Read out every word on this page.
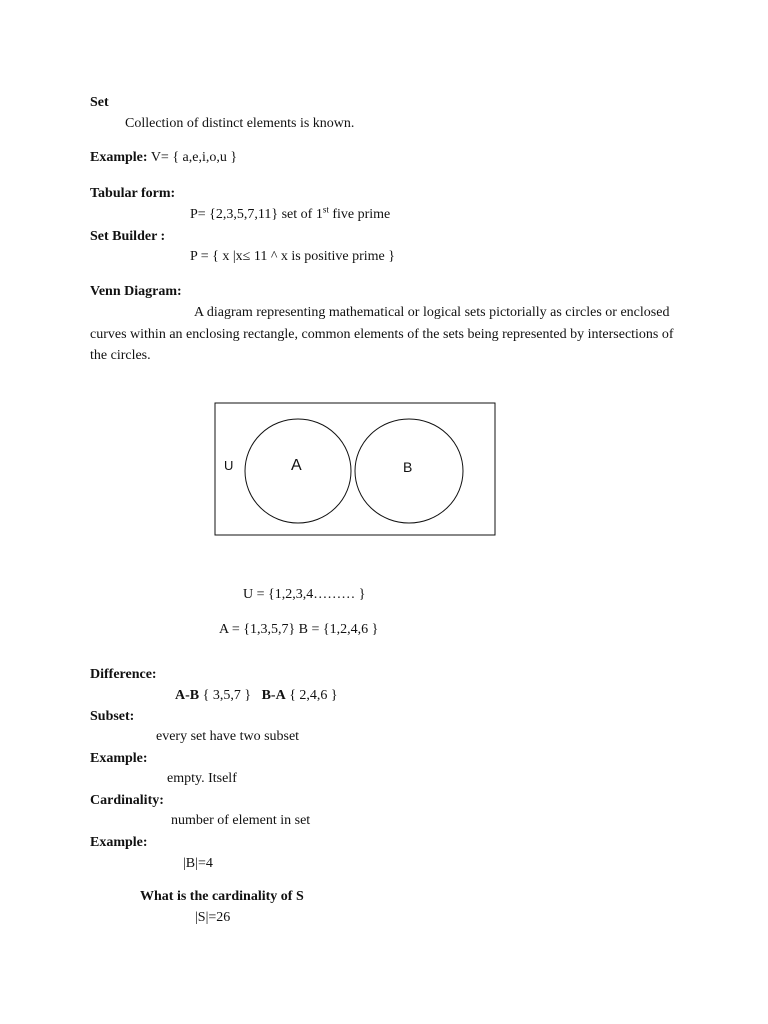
Set
Collection of distinct elements is known.
Example: V= { a,e,i,o,u }
Tabular form:
P= {2,3,5,7,11} set of 1st five prime
Set Builder :
P = { x |x≤ 11 ^ x is positive prime }
Venn Diagram:
A diagram representing mathematical or logical sets pictorially as circles or enclosed curves within an enclosing rectangle, common elements of the sets being represented by intersections of the circles.
U	A	B
U = {1,2,3,4……… }
A = {1,3,5,7} B = {1,2,4,6 }
Difference:
A-B { 3,5,7 } B-A { 2,4,6 }
Subset:
every set have two subset
Example:
empty. Itself
Cardinality:
number of element in set
Example:
|B|=4
What is the cardinality of S
|S|=26
